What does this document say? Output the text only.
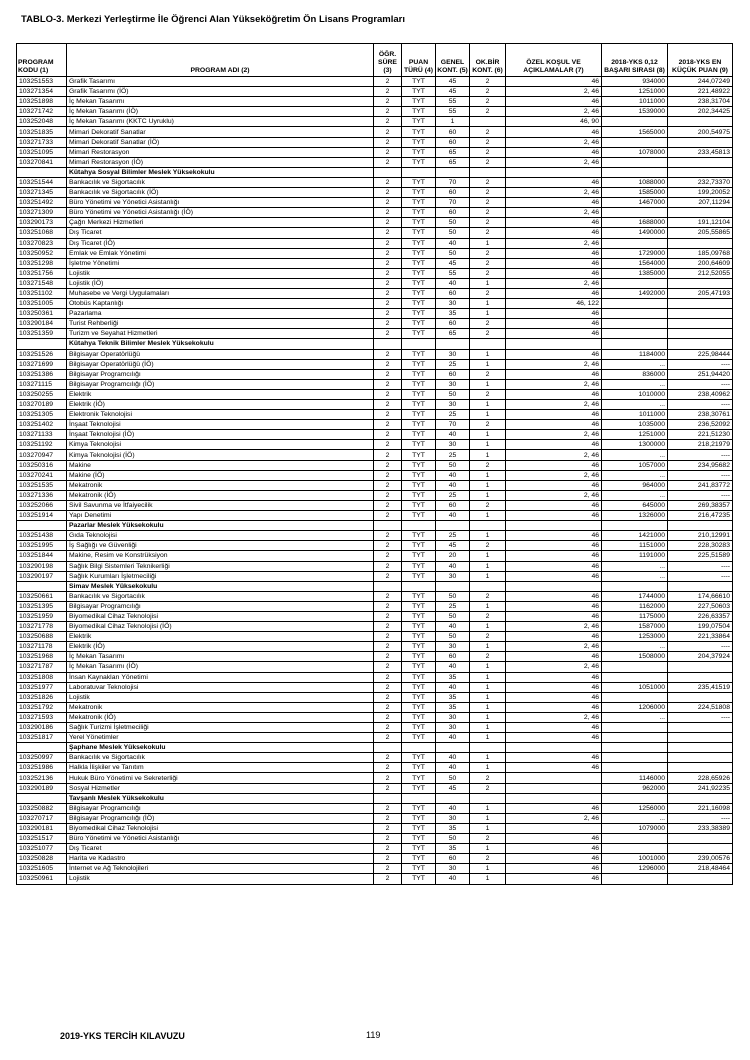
TABLO-3. Merkezi Yerleştirme İle Öğrenci Alan Yükseköğretim Ön Lisans Programları
PROGRAM KODU (1)	PROGRAM ADI (2)	ÖĞR. SÜRE (3)	PUAN TÜRÜ (4)	GENEL KONT. (5)	OK.BİR KONT. (6)	ÖZEL KOŞUL VE AÇIKLAMALAR (7)	2018-YKS 0,12 BAŞARI SIRASI (8)	2018-YKS EN KÜÇÜK PUAN (9)
103251553	Grafik Tasarımı	2	TYT	45	2	46	934000	244,07249
103271354	Grafik Tasarımı (İÖ)	2	TYT	45	2	2, 46	1251000	221,48922
103251898	İç Mekan Tasarımı	2	TYT	55	2	46	1011000	238,31704
103271742	İç Mekan Tasarımı (İÖ)	2	TYT	55	2	2, 46	1539000	202,34425
103252048	İç Mekan Tasarımı (KKTC Uyruklu)	2	TYT	1		46, 90		
103251835	Mimari Dekoratif Sanatlar	2	TYT	60	2	46	1565000	200,54975
103271733	Mimari Dekoratif Sanatlar (İÖ)	2	TYT	60	2	2, 46		
103251095	Mimari Restorasyon	2	TYT	65	2	46	1078000	233,45813
103270841	Mimari Restorasyon (İÖ)	2	TYT	65	2	2, 46		
	Kütahya Sosyal Bilimler Meslek Yüksekokulu							
103251544	Bankacılık ve Sigortacılık	2	TYT	70	2	46	1088000	232,73370
103271345	Bankacılık ve Sigortacılık (İÖ)	2	TYT	60	2	2, 46	1585000	199,20052
103251492	Büro Yönetimi ve Yönetici Asistanlığı	2	TYT	70	2	46	1467000	207,11294
103271309	Büro Yönetimi ve Yönetici Asistanlığı (İÖ)	2	TYT	60	2	2, 46		
103290173	Çağrı Merkezi Hizmetleri	2	TYT	50	2	46	1688000	191,12104
103251068	Dış Ticaret	2	TYT	50	2	46	1490000	205,55865
103270823	Dış Ticaret (İÖ)	2	TYT	40	1	2, 46		
103250952	Emlak ve Emlak Yönetimi	2	TYT	50	2	46	1729000	185,09768
103251298	İşletme Yönetimi	2	TYT	45	2	46	1564000	200,64609
103251756	Lojistik	2	TYT	55	2	46	1385000	212,52055
103271548	Lojistik (İÖ)	2	TYT	40	1	2, 46		
103251102	Muhasebe ve Vergi Uygulamaları	2	TYT	60	2	46	1492000	205,47193
103251005	Otobüs Kaptanlığı	2	TYT	30	1	46, 122		
103250361	Pazarlama	2	TYT	35	1	46		
103290184	Turist Rehberliği	2	TYT	60	2	46		
103251359	Turizm ve Seyahat Hizmetleri	2	TYT	65	2	46		
	Kütahya Teknik Bilimler Meslek Yüksekokulu							
103251526	Bilgisayar Operatörlüğü	2	TYT	30	1	46	1184000	225,98444
103271699	Bilgisayar Operatörlüğü (İÖ)	2	TYT	25	1	2, 46	...	----
103251386	Bilgisayar Programcılığı	2	TYT	60	2	46	836000	251,94420
103271115	Bilgisayar Programcılığı (İÖ)	2	TYT	30	1	2, 46	...	----
103250255	Elektrik	2	TYT	50	2	46	1010000	238,40962
103270189	Elektrik (İÖ)	2	TYT	30	1	2, 46	...	----
103251305	Elektronik Teknolojisi	2	TYT	25	1	46	1011000	238,30761
103251402	İnşaat Teknolojisi	2	TYT	70	2	46	1035000	236,52092
103271133	İnşaat Teknolojisi (İÖ)	2	TYT	40	1	2, 46	1251000	221,51230
103251192	Kimya Teknolojisi	2	TYT	30	1	46	1300000	218,21979
103270947	Kimya Teknolojisi (İÖ)	2	TYT	25	1	2, 46	...	----
103250316	Makine	2	TYT	50	2	46	1057000	234,95682
103270241	Makine (İÖ)	2	TYT	40	1	2, 46	...	----
103251535	Mekatronik	2	TYT	40	1	46	964000	241,83772
103271336	Mekatronik (İÖ)	2	TYT	25	1	2, 46	...	----
103252066	Sivil Savunma ve İtfaiyecilik	2	TYT	60	2	46	645000	269,38357
103251914	Yapı Denetimi	2	TYT	40	1	46	1326000	216,47235
	Pazarlar Meslek Yüksekokulu							
103251438	Gıda Teknolojisi	2	TYT	25	1	46	1421000	210,12991
103251995	İş Sağlığı ve Güvenliği	2	TYT	45	2	46	1151000	228,30283
103251844	Makine, Resim ve Konstrüksiyon	2	TYT	20	1	46	1191000	225,51589
103290198	Sağlık Bilgi Sistemleri Teknikerliği	2	TYT	40	1	46	...	----
103290197	Sağlık Kurumları İşletmeciliği	2	TYT	30	1	46	...	----
	Simav Meslek Yüksekokulu							
103250661	Bankacılık ve Sigortacılık	2	TYT	50	2	46	1744000	174,66610
103251395	Bilgisayar Programcılığı	2	TYT	25	1	46	1162000	227,50603
103251959	Biyomedikal Cihaz Teknolojisi	2	TYT	50	2	46	1175000	226,63357
103271778	Biyomedikal Cihaz Teknolojisi (İÖ)	2	TYT	40	1	2, 46	1587000	199,07504
103250688	Elektrik	2	TYT	50	2	46	1253000	221,33864
103271178	Elektrik (İÖ)	2	TYT	30	1	2, 46	...	----
103251968	İç Mekan Tasarımı	2	TYT	60	2	46	1508000	204,37924
103271787	İç Mekan Tasarımı (İÖ)	2	TYT	40	1	2, 46		
103251808	İnsan Kaynakları Yönetimi	2	TYT	35	1	46		
103251977	Laboratuvar Teknolojisi	2	TYT	40	1	46	1051000	235,41519
103251826	Lojistik	2	TYT	35	1	46		
103251792	Mekatronik	2	TYT	35	1	46	1206000	224,51808
103271593	Mekatronik (İÖ)	2	TYT	30	1	2, 46	...	----
103290186	Sağlık Turizmi İşletmeciliği	2	TYT	30	1	46		
103251817	Yerel Yönetimler	2	TYT	40	1	46		
	Şaphane Meslek Yüksekokulu							
103250997	Bankacılık ve Sigortacılık	2	TYT	40	1	46		
103251986	Halkla İlişkiler ve Tanıtım	2	TYT	40	1	46		
103252136	Hukuk Büro Yönetimi ve Sekreterliği	2	TYT	50	2		1146000	228,65926
103290189	Sosyal Hizmetler	2	TYT	45	2		962000	241,92235
	Tavşanlı Meslek Yüksekokulu							
103250882	Bilgisayar Programcılığı	2	TYT	40	1	46	1256000	221,16098
103270717	Bilgisayar Programcılığı (İÖ)	2	TYT	30	1	2, 46	...	----
103290181	Biyomedikal Cihaz Teknolojisi	2	TYT	35	1		1079000	233,38389
103251517	Büro Yönetimi ve Yönetici Asistanlığı	2	TYT	50	2	46		
103251077	Dış Ticaret	2	TYT	35	1	46		
103250828	Harita ve Kadastro	2	TYT	60	2	46	1001000	239,00576
103251605	İnternet ve Ağ Teknolojileri	2	TYT	30	1	46	1296000	218,48464
103250961	Lojistik	2	TYT	40	1	46		
2019-YKS TERCİH KILAVUZU	119
